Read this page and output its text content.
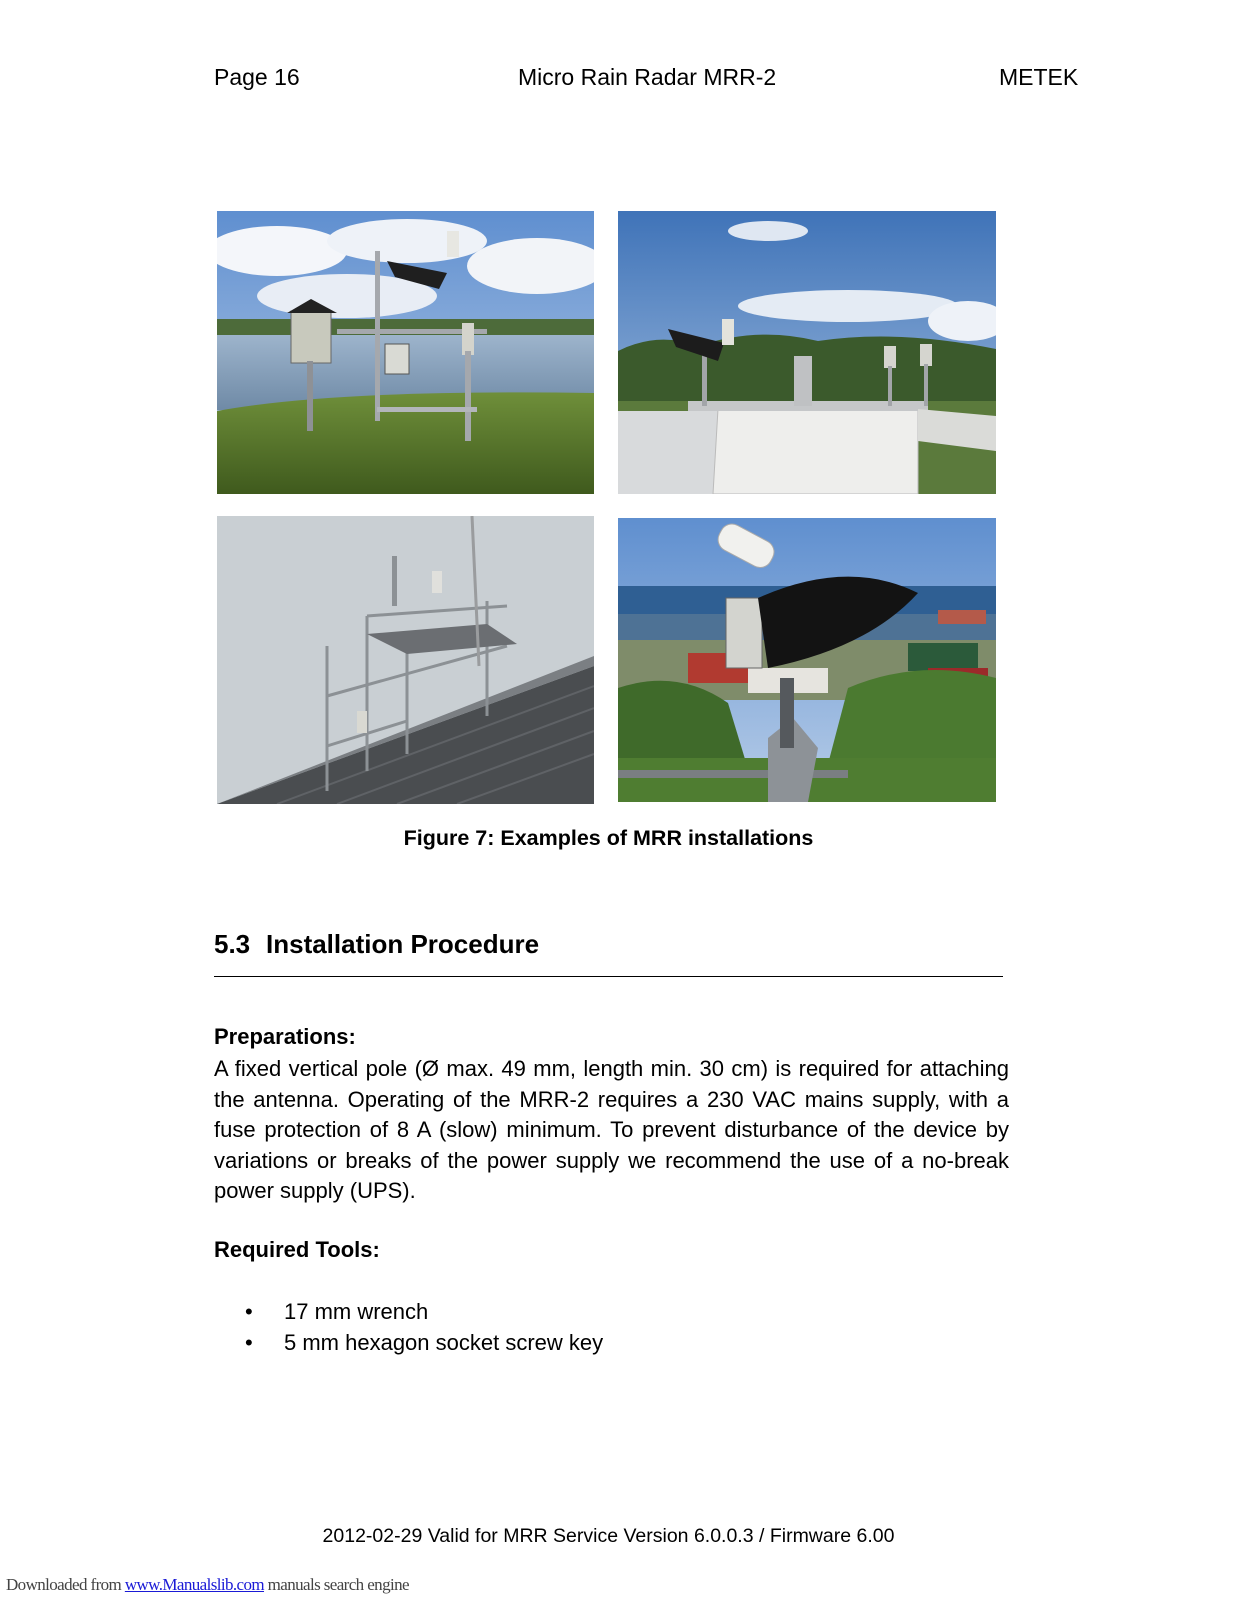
Page 16	Micro Rain Radar MRR-2	METEK
Figure 7: Examples of MRR installations
5.3 Installation Procedure
Preparations:
A fixed vertical pole (Ø max. 49 mm, length min. 30 cm) is required for attaching the antenna. Operating of the MRR-2 requires a 230 VAC mains supply, with a fuse protection of 8 A (slow) minimum. To prevent disturbance of the device by variations or breaks of the power supply we recommend the use of a no-break power supply (UPS).
Required Tools:
• 17 mm wrench
• 5 mm hexagon socket screw key
2012-02-29 Valid for MRR Service Version 6.0.0.3 / Firmware 6.00
Downloaded from www.Manualslib.com manuals search engine
